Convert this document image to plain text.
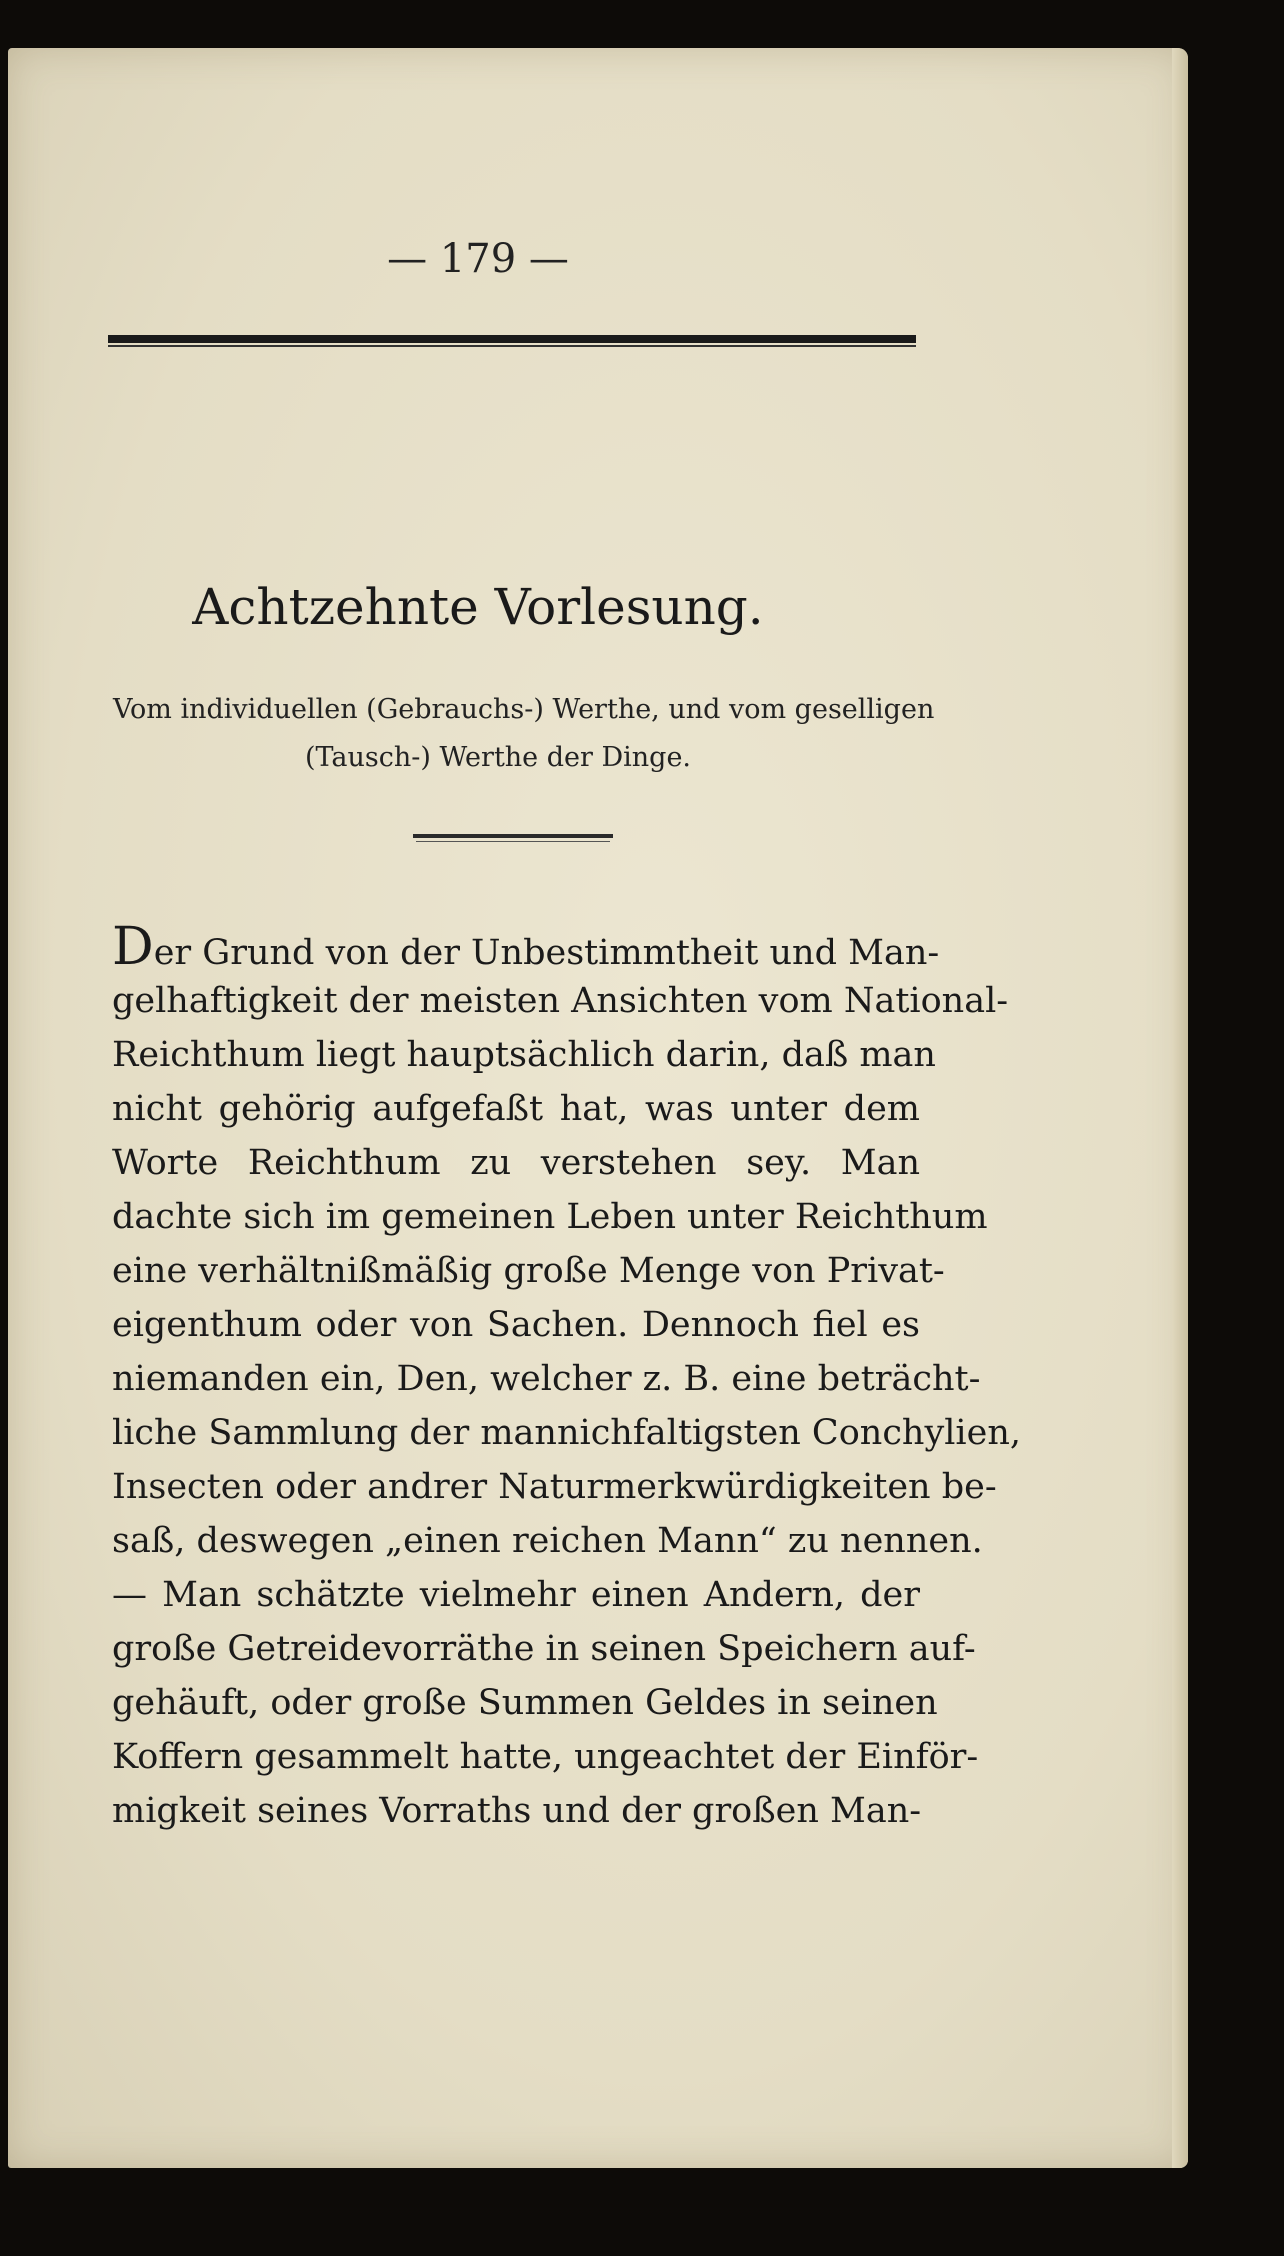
— 179 —
Achtzehnte Vorlesung.
Vom individuellen (Gebrauchs-) Werthe, und vom geselligen
(Tausch-) Werthe der Dinge.
Der Grund von der Unbestimmtheit und Man-
gelhaftigkeit der meisten Ansichten vom National-
Reichthum liegt hauptsächlich darin, daß man
nicht gehörig aufgefaßt hat, was unter dem
Worte Reichthum zu verstehen sey. Man
dachte sich im gemeinen Leben unter Reichthum
eine verhältnißmäßig große Menge von Privat-
eigenthum oder von Sachen. Dennoch fiel es
niemanden ein, Den, welcher z. B. eine beträcht-
liche Sammlung der mannichfaltigsten Conchylien,
Insecten oder andrer Naturmerkwürdigkeiten be-
saß, deswegen „einen reichen Mann“ zu nennen.
— Man schätzte vielmehr einen Andern, der
große Getreidevorräthe in seinen Speichern auf-
gehäuft, oder große Summen Geldes in seinen
Koffern gesammelt hatte, ungeachtet der Einför-
migkeit seines Vorraths und der großen Man-
